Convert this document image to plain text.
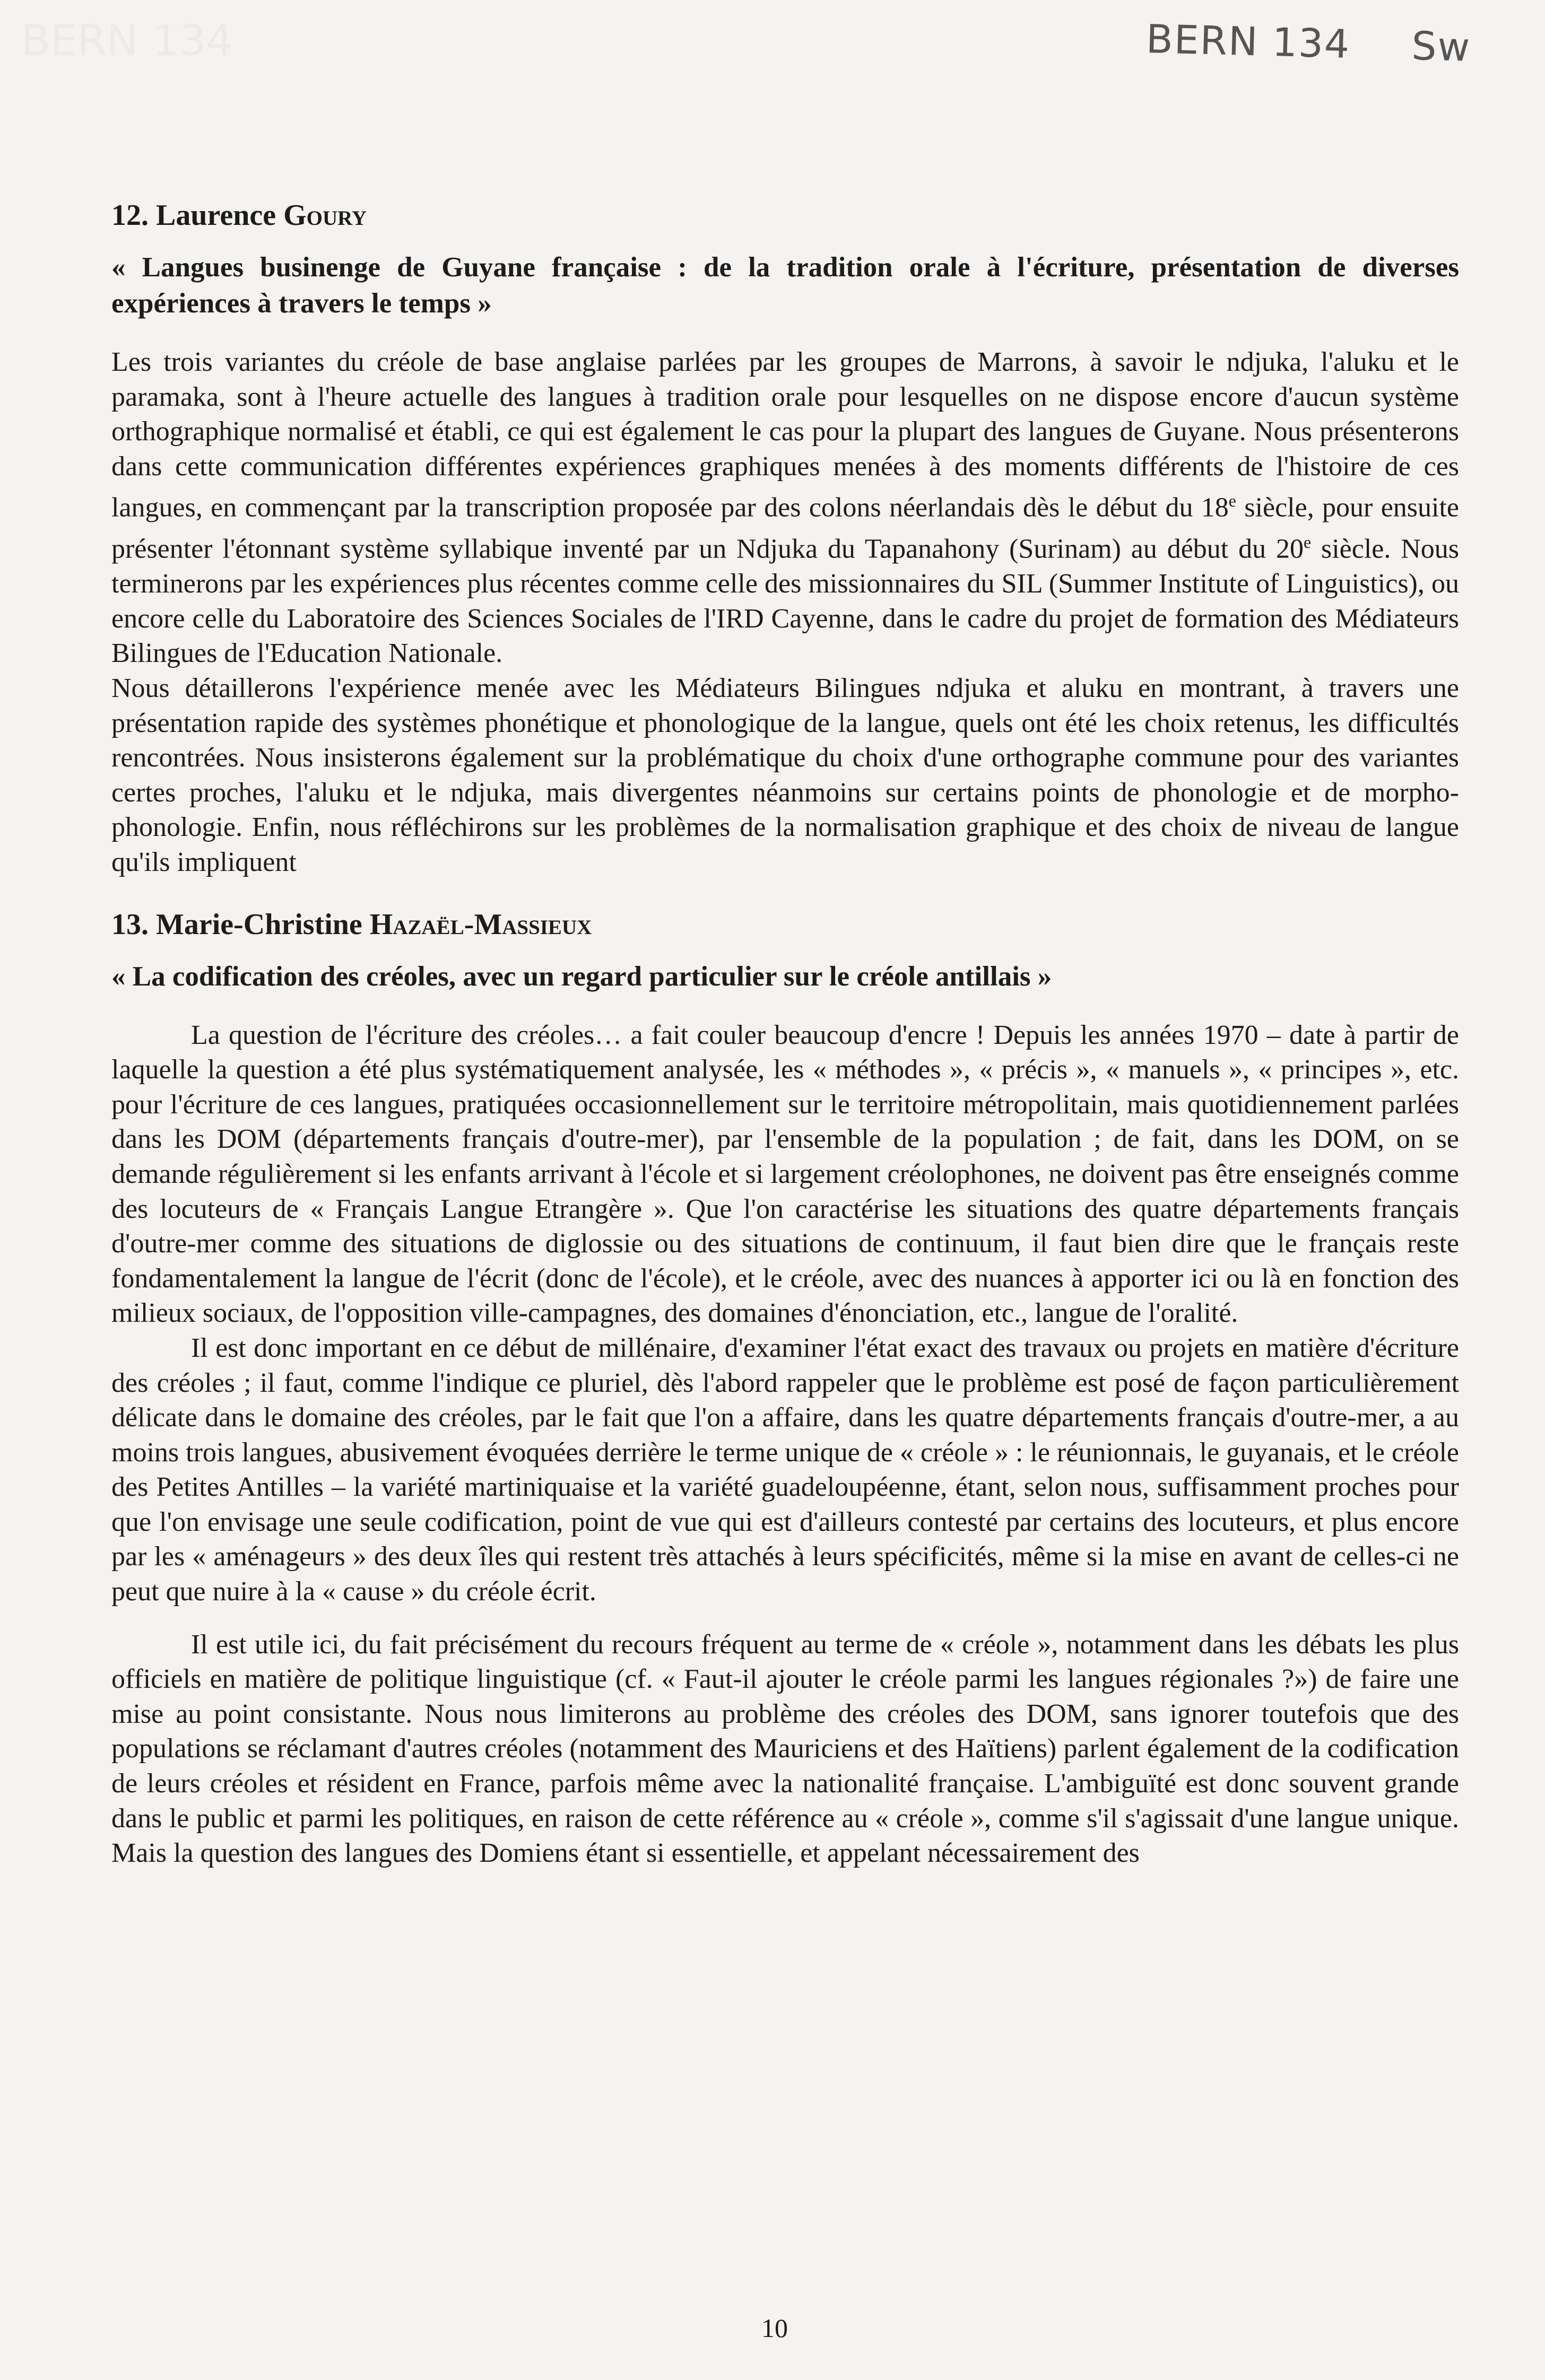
BERN 134	BERN 134 Sw
12. Laurence Goury

« Langues businenge de Guyane française : de la tradition orale à l'écriture, présentation de diverses expériences à travers le temps »

Les trois variantes du créole de base anglaise parlées par les groupes de Marrons, à savoir le ndjuka, l'aluku et le paramaka, sont à l'heure actuelle des langues à tradition orale pour lesquelles on ne dispose encore d'aucun système orthographique normalisé et établi, ce qui est également le cas pour la plupart des langues de Guyane. Nous présenterons dans cette communication différentes expériences graphiques menées à des moments différents de l'histoire de ces langues, en commençant par la transcription proposée par des colons néerlandais dès le début du 18e siècle, pour ensuite présenter l'étonnant système syllabique inventé par un Ndjuka du Tapanahony (Surinam) au début du 20e siècle. Nous terminerons par les expériences plus récentes comme celle des missionnaires du SIL (Summer Institute of Linguistics), ou encore celle du Laboratoire des Sciences Sociales de l'IRD Cayenne, dans le cadre du projet de formation des Médiateurs Bilingues de l'Education Nationale.

Nous détaillerons l'expérience menée avec les Médiateurs Bilingues ndjuka et aluku en montrant, à travers une présentation rapide des systèmes phonétique et phonologique de la langue, quels ont été les choix retenus, les difficultés rencontrées. Nous insisterons également sur la problématique du choix d'une orthographe commune pour des variantes certes proches, l'aluku et le ndjuka, mais divergentes néanmoins sur certains points de phonologie et de morpho-phonologie. Enfin, nous réfléchirons sur les problèmes de la normalisation graphique et des choix de niveau de langue qu'ils impliquent

13. Marie-Christine Hazaël-Massieux

« La codification des créoles, avec un regard particulier sur le créole antillais »

La question de l'écriture des créoles… a fait couler beaucoup d'encre ! Depuis les années 1970 – date à partir de laquelle la question a été plus systématiquement analysée, les « méthodes », « précis », « manuels », « principes », etc. pour l'écriture de ces langues, pratiquées occasionnellement sur le territoire métropolitain, mais quotidiennement parlées dans les DOM (départements français d'outre-mer), par l'ensemble de la population ; de fait, dans les DOM, on se demande régulièrement si les enfants arrivant à l'école et si largement créolophones, ne doivent pas être enseignés comme des locuteurs de « Français Langue Etrangère ». Que l'on caractérise les situations des quatre départements français d'outre-mer comme des situations de diglossie ou des situations de continuum, il faut bien dire que le français reste fondamentalement la langue de l'écrit (donc de l'école), et le créole, avec des nuances à apporter ici ou là en fonction des milieux sociaux, de l'opposition ville-campagnes, des domaines d'énonciation, etc., langue de l'oralité.

Il est donc important en ce début de millénaire, d'examiner l'état exact des travaux ou projets en matière d'écriture des créoles ; il faut, comme l'indique ce pluriel, dès l'abord rappeler que le problème est posé de façon particulièrement délicate dans le domaine des créoles, par le fait que l'on a affaire, dans les quatre départements français d'outre-mer, a au moins trois langues, abusivement évoquées derrière le terme unique de « créole » : le réunionnais, le guyanais, et le créole des Petites Antilles – la variété martiniquaise et la variété guadeloupéenne, étant, selon nous, suffisamment proches pour que l'on envisage une seule codification, point de vue qui est d'ailleurs contesté par certains des locuteurs, et plus encore par les « aménageurs » des deux îles qui restent très attachés à leurs spécificités, même si la mise en avant de celles-ci ne peut que nuire à la « cause » du créole écrit.

Il est utile ici, du fait précisément du recours fréquent au terme de « créole », notamment dans les débats les plus officiels en matière de politique linguistique (cf. « Faut-il ajouter le créole parmi les langues régionales ?») de faire une mise au point consistante. Nous nous limiterons au problème des créoles des DOM, sans ignorer toutefois que des populations se réclamant d'autres créoles (notamment des Mauriciens et des Haïtiens) parlent également de la codification de leurs créoles et résident en France, parfois même avec la nationalité française. L'ambiguïté est donc souvent grande dans le public et parmi les politiques, en raison de cette référence au « créole », comme s'il s'agissait d'une langue unique. Mais la question des langues des Domiens étant si essentielle, et appelant nécessairement des

10
